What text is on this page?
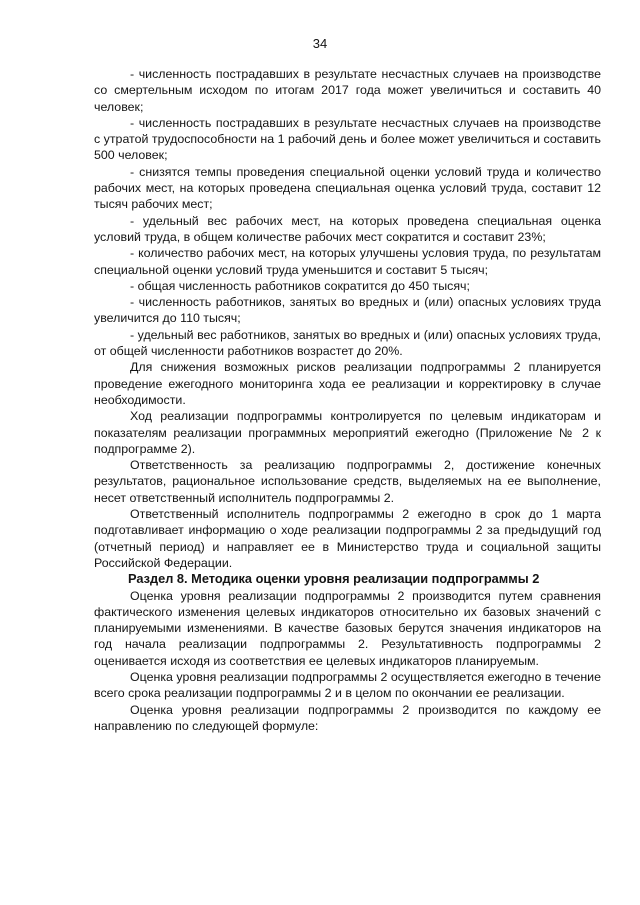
34

- численность пострадавших в результате несчастных случаев на производстве со смертельным исходом по итогам 2017 года может увеличиться и составить 40 человек;

- численность пострадавших в результате несчастных случаев на производстве с утратой трудоспособности на 1 рабочий день и более может увеличиться и составить 500 человек;

- снизятся темпы проведения специальной оценки условий труда и количество рабочих мест, на которых проведена специальная оценка условий труда, составит 12 тысяч рабочих мест;

- удельный вес рабочих мест, на которых проведена специальная оценка условий труда, в общем количестве рабочих мест сократится и составит 23%;

- количество рабочих мест, на которых улучшены условия труда, по результатам специальной оценки условий труда уменьшится и составит 5 тысяч;

- общая численность работников сократится до 450 тысяч;

- численность работников, занятых во вредных и (или) опасных условиях труда увеличится до 110 тысяч;

- удельный вес работников, занятых во вредных и (или) опасных условиях труда, от общей численности работников возрастет до 20%.

Для снижения возможных рисков реализации подпрограммы 2 планируется проведение ежегодного мониторинга хода ее реализации и корректировку в случае необходимости.

Ход реализации подпрограммы контролируется по целевым индикаторам и показателям реализации программных мероприятий ежегодно (Приложение № 2 к подпрограмме 2).

Ответственность за реализацию подпрограммы 2, достижение конечных результатов, рациональное использование средств, выделяемых на ее выполнение, несет ответственный исполнитель подпрограммы 2.

Ответственный исполнитель подпрограммы 2 ежегодно в срок до 1 марта подготавливает информацию о ходе реализации подпрограммы 2 за предыдущий год (отчетный период) и направляет ее в Министерство труда и социальной защиты Российской Федерации.

Раздел 8. Методика оценки уровня реализации подпрограммы 2

Оценка уровня реализации подпрограммы 2 производится путем сравнения фактического изменения целевых индикаторов относительно их базовых значений с планируемыми изменениями. В качестве базовых берутся значения индикаторов на год начала реализации подпрограммы 2. Результативность подпрограммы 2 оценивается исходя из соответствия ее целевых индикаторов планируемым.

Оценка уровня реализации подпрограммы 2 осуществляется ежегодно в течение всего срока реализации подпрограммы 2 и в целом по окончании ее реализации.

Оценка уровня реализации подпрограммы 2 производится по каждому ее направлению по следующей формуле:
